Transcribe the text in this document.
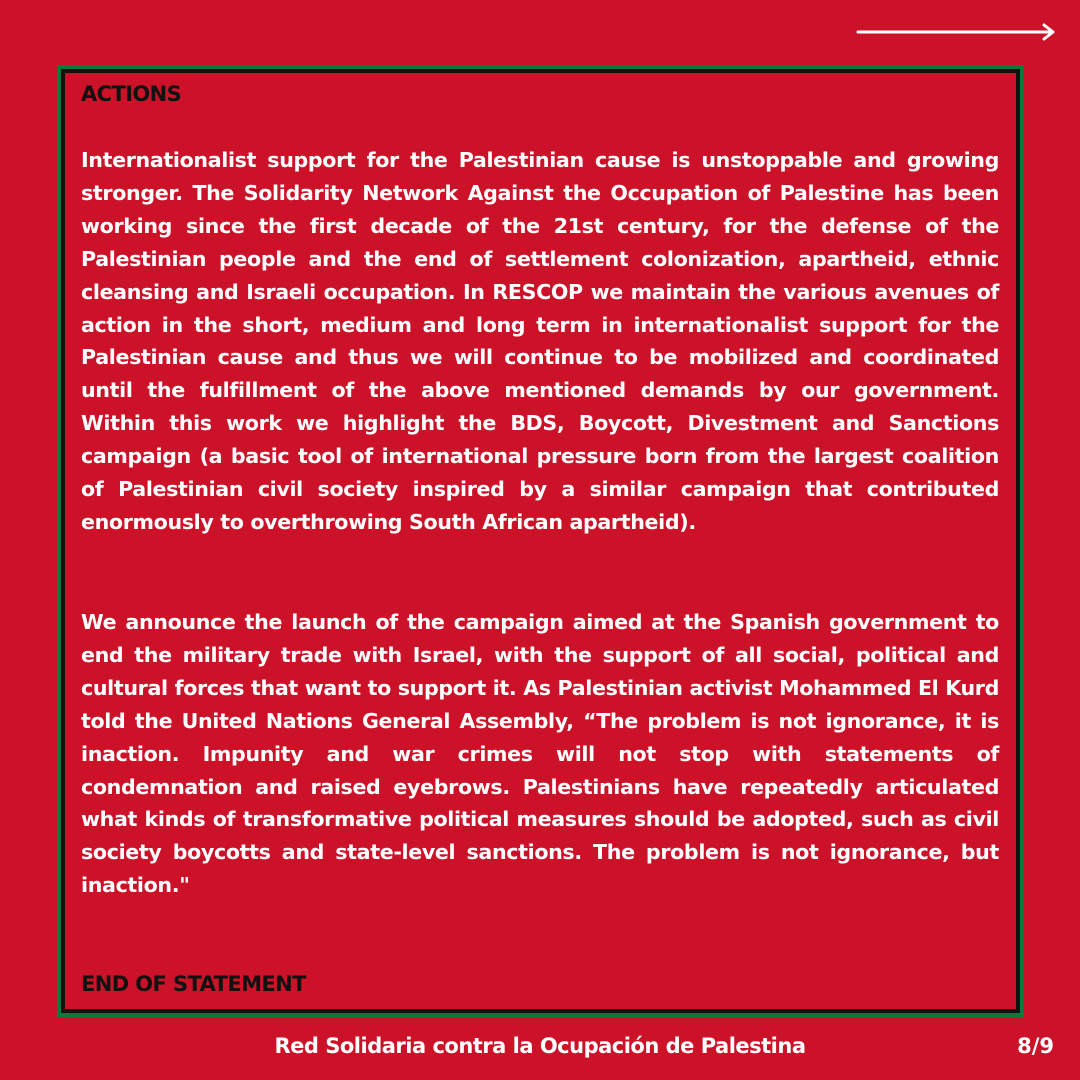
ACTIONS

Internationalist support for the Palestinian cause is unstoppable and growing stronger. The Solidarity Network Against the Occupation of Palestine has been working since the first decade of the 21st century, for the defense of the Palestinian people and the end of settlement colonization, apartheid, ethnic cleansing and Israeli occupation. In RESCOP we maintain the various avenues of action in the short, medium and long term in internationalist support for the Palestinian cause and thus we will continue to be mobilized and coordinated until the fulfillment of the above mentioned demands by our government. Within this work we highlight the BDS, Boycott, Divestment and Sanctions campaign (a basic tool of international pressure born from the largest coalition of Palestinian civil society inspired by a similar campaign that contributed enormously to overthrowing South African apartheid).

We announce the launch of the campaign aimed at the Spanish government to end the military trade with Israel, with the support of all social, political and cultural forces that want to support it. As Palestinian activist Mohammed El Kurd told the United Nations General Assembly, “The problem is not ignorance, it is inaction. Impunity and war crimes will not stop with statements of condemnation and raised eyebrows. Palestinians have repeatedly articulated what kinds of transformative political measures should be adopted, such as civil society boycotts and state-level sanctions. The problem is not ignorance, but inaction."

END OF STATEMENT
Red Solidaria contra la Ocupación de Palestina	8/9
